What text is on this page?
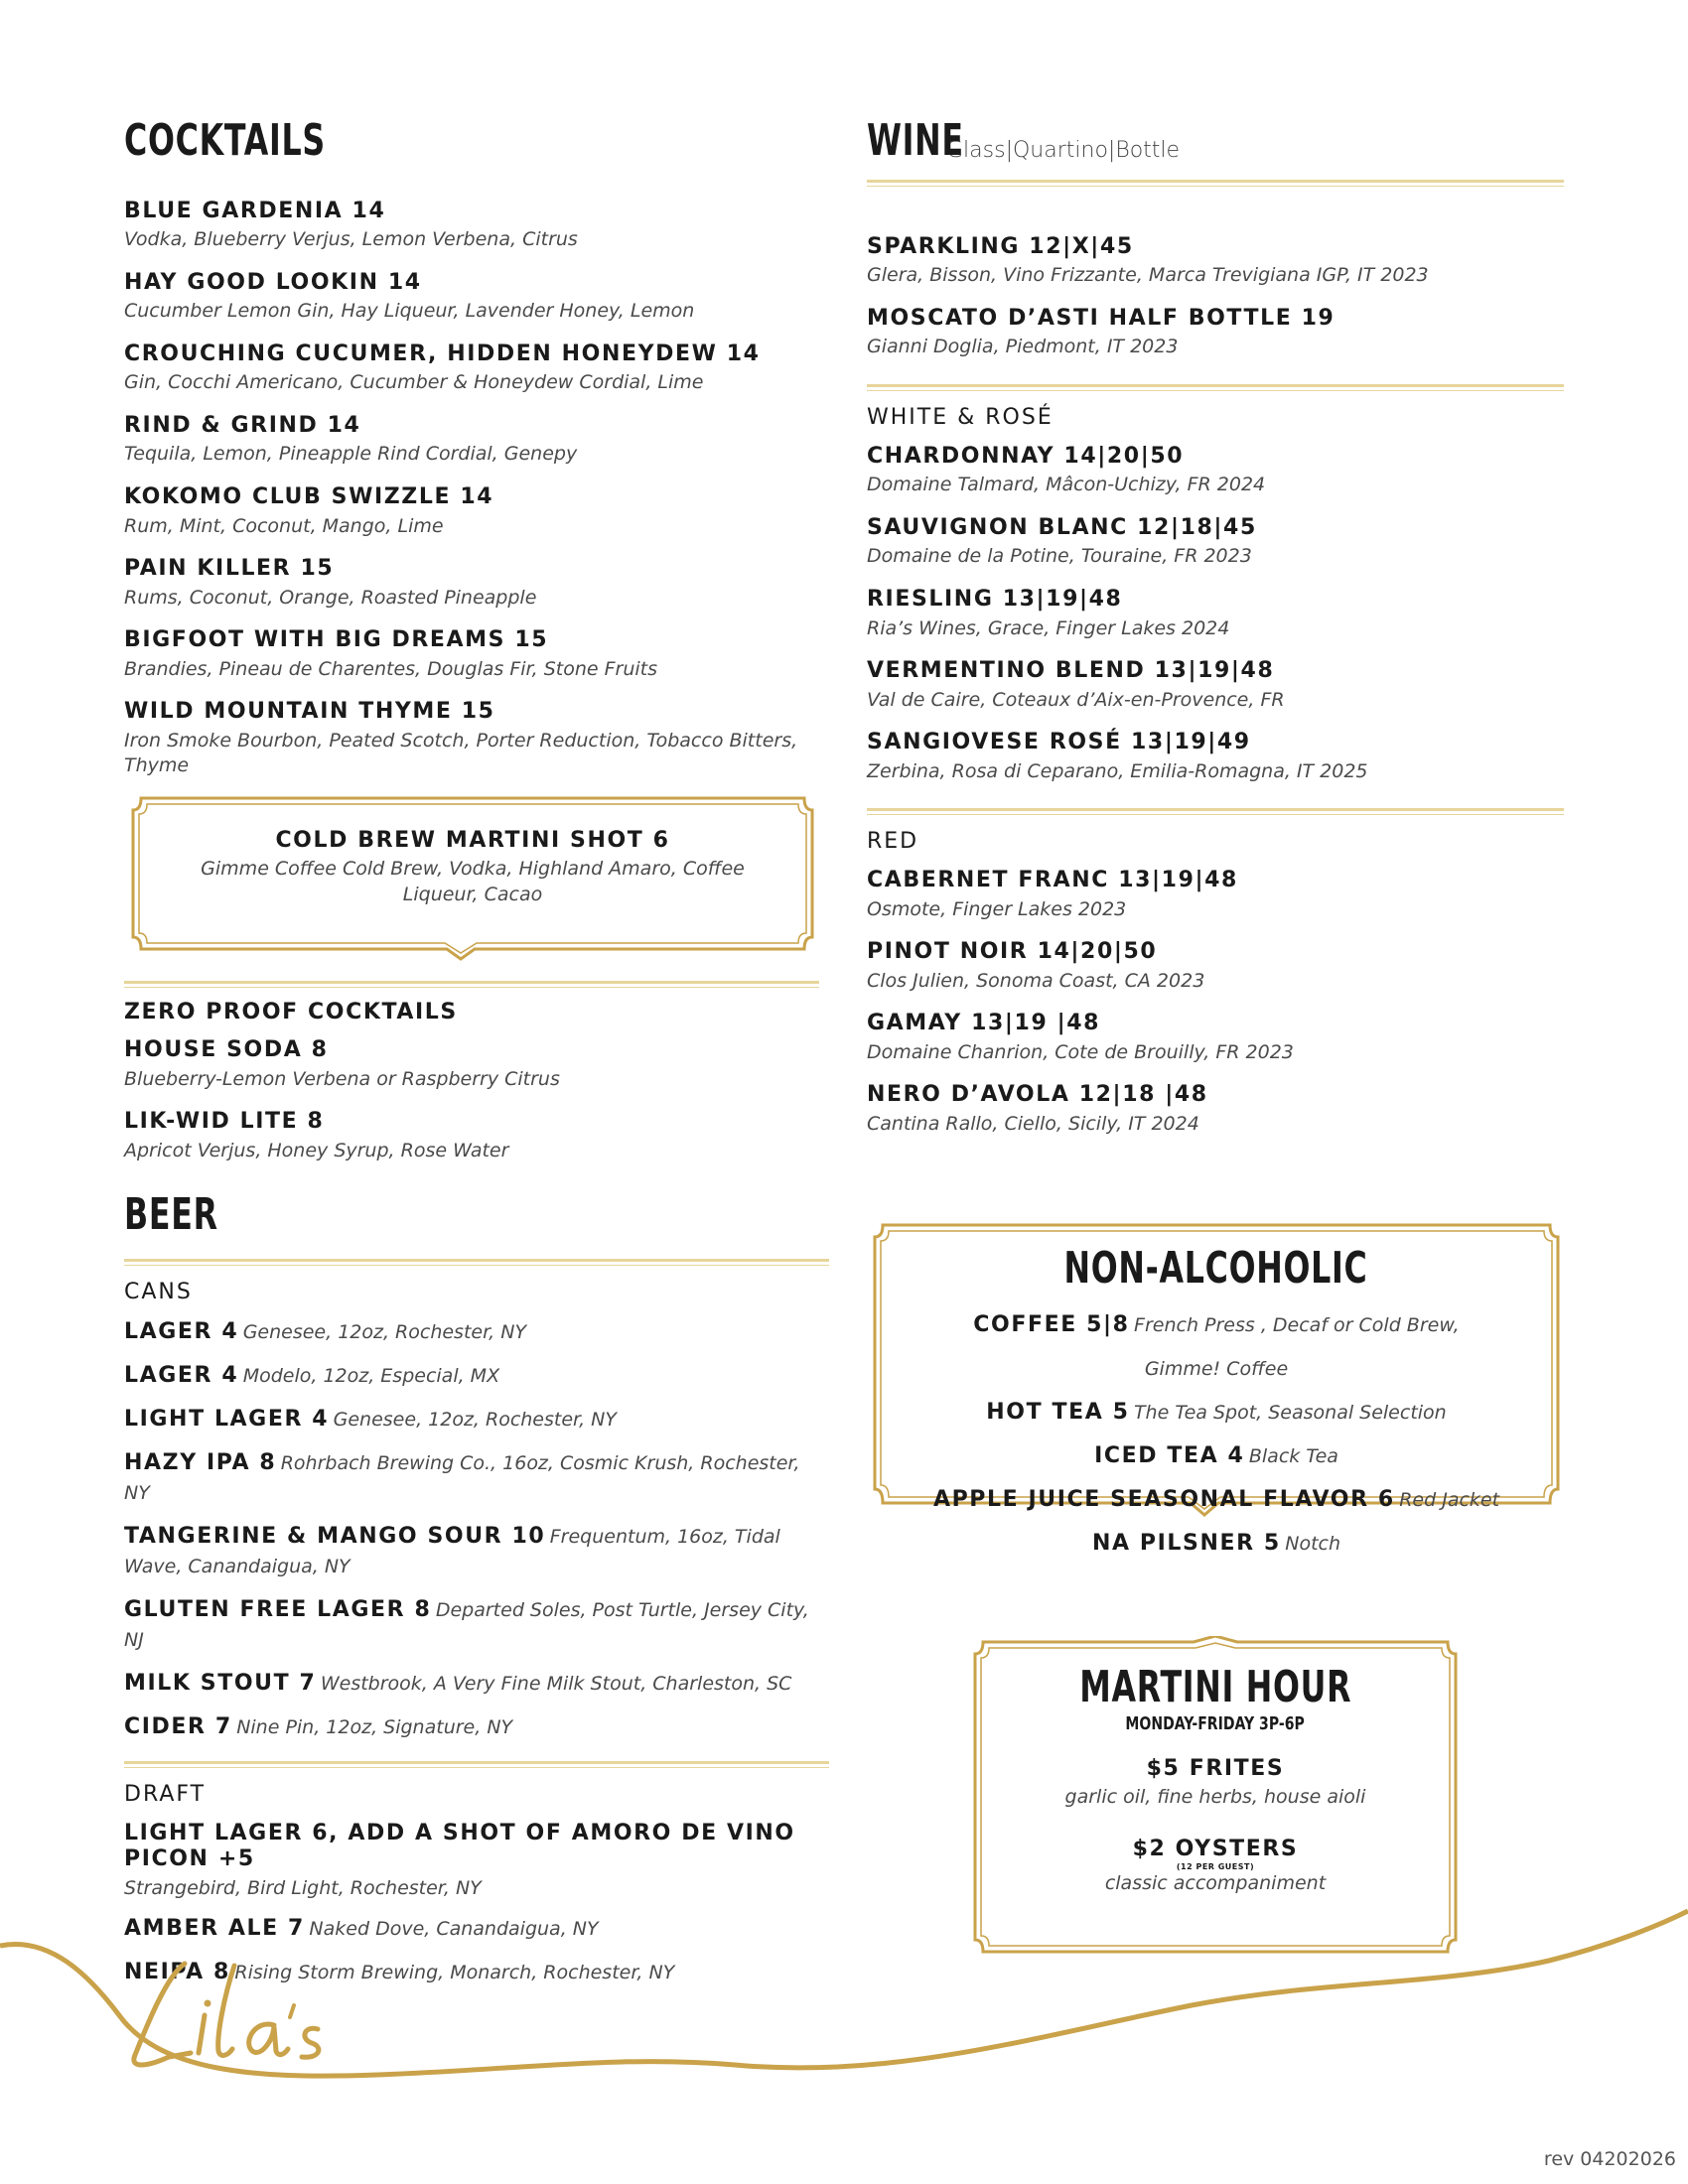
COCKTAILS
BLUE GARDENIA 14
Vodka, Blueberry Verjus, Lemon Verbena, Citrus
HAY GOOD LOOKIN 14
Cucumber Lemon Gin, Hay Liqueur, Lavender Honey, Lemon
CROUCHING CUCUMER, HIDDEN HONEYDEW 14
Gin, Cocchi Americano, Cucumber & Honeydew Cordial, Lime
RIND & GRIND 14
Tequila, Lemon, Pineapple Rind Cordial, Genepy
KOKOMO CLUB SWIZZLE 14
Rum, Mint, Coconut, Mango, Lime
PAIN KILLER 15
Rums, Coconut, Orange, Roasted Pineapple
BIGFOOT WITH BIG DREAMS 15
Brandies, Pineau de Charentes, Douglas Fir, Stone Fruits
WILD MOUNTAIN THYME 15
Iron Smoke Bourbon, Peated Scotch, Porter Reduction, Tobacco Bitters, Thyme
COLD BREW MARTINI SHOT 6
Gimme Coffee Cold Brew, Vodka, Highland Amaro, Coffee Liqueur, Cacao
ZERO PROOF COCKTAILS
HOUSE SODA 8
Blueberry-Lemon Verbena or Raspberry Citrus
LIK-WID LITE 8
Apricot Verjus, Honey Syrup, Rose Water
BEER
CANS
LAGER 4 Genesee, 12oz, Rochester, NY
LAGER 4 Modelo, 12oz, Especial, MX
LIGHT LAGER 4 Genesee, 12oz, Rochester, NY
HAZY IPA 8 Rohrbach Brewing Co., 16oz, Cosmic Krush, Rochester, NY
TANGERINE & MANGO SOUR 10 Frequentum, 16oz, Tidal Wave, Canandaigua, NY
GLUTEN FREE LAGER 8 Departed Soles, Post Turtle, Jersey City, NJ
MILK STOUT 7 Westbrook, A Very Fine Milk Stout, Charleston, SC
CIDER 7 Nine Pin, 12oz, Signature, NY
DRAFT
LIGHT LAGER 6, ADD A SHOT OF AMORO DE VINO PICON +5
Strangebird, Bird Light, Rochester, NY
AMBER ALE 7 Naked Dove, Canandaigua, NY
NEIPA 8 Rising Storm Brewing, Monarch, Rochester, NY
WINEGlass|Quartino|Bottle
SPARKLING 12|X|45
Glera, Bisson, Vino Frizzante, Marca Trevigiana IGP, IT 2023
MOSCATO D’ASTI HALF BOTTLE 19
Gianni Doglia, Piedmont, IT 2023
WHITE & ROSÉ
CHARDONNAY 14|20|50
Domaine Talmard, Mâcon-Uchizy, FR 2024
SAUVIGNON BLANC 12|18|45
Domaine de la Potine, Touraine, FR 2023
RIESLING 13|19|48
Ria’s Wines, Grace, Finger Lakes 2024
VERMENTINO BLEND 13|19|48
Val de Caire, Coteaux d’Aix-en-Provence, FR
SANGIOVESE ROSÉ 13|19|49
Zerbina, Rosa di Ceparano, Emilia-Romagna, IT 2025
RED
CABERNET FRANC 13|19|48
Osmote, Finger Lakes 2023
PINOT NOIR 14|20|50
Clos Julien, Sonoma Coast, CA 2023
GAMAY 13|19 |48
Domaine Chanrion, Cote de Brouilly, FR 2023
NERO D’AVOLA 12|18 |48
Cantina Rallo, Ciello, Sicily, IT 2024
NON-ALCOHOLIC
COFFEE 5|8 French Press , Decaf or Cold Brew,
Gimme! Coffee
HOT TEA 5 The Tea Spot, Seasonal Selection
ICED TEA 4 Black Tea
APPLE JUICE SEASONAL FLAVOR 6 Red Jacket
NA PILSNER 5 Notch
MARTINI HOUR
MONDAY-FRIDAY 3P-6P
$5 FRITES
garlic oil, fine herbs, house aioli
$2 OYSTERS
(12 PER GUEST)
classic accompaniment
rev 04202026
